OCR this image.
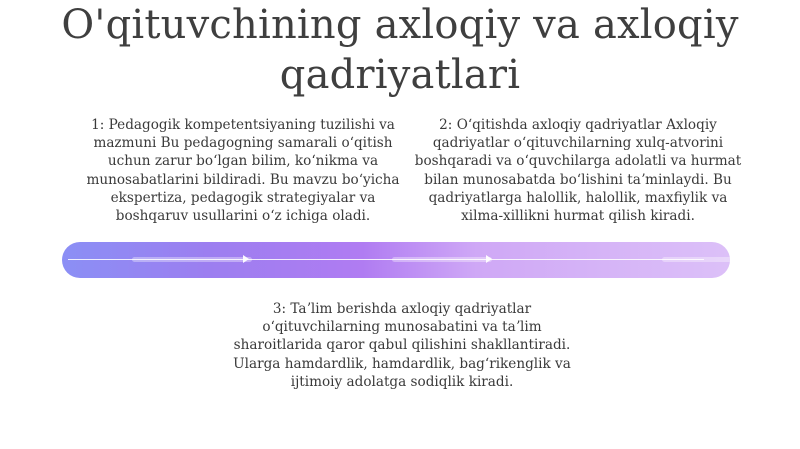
O'qituvchining axloqiy va axloqiy qadriyatlari
1: Pedagogik kompetentsiyaning tuzilishi va mazmuni Bu pedagogning samarali oʻqitish uchun zarur boʻlgan bilim, koʻnikma va munosabatlarini bildiradi. Bu mavzu boʻyicha ekspertiza, pedagogik strategiyalar va boshqaruv usullarini oʻz ichiga oladi.
2: Oʻqitishda axloqiy qadriyatlar Axloqiy qadriyatlar oʻqituvchilarning xulq-atvorini boshqaradi va oʻquvchilarga adolatli va hurmat bilan munosabatda boʻlishini taʼminlaydi. Bu qadriyatlarga halollik, halollik, maxfiylik va xilma-xillikni hurmat qilish kiradi.
3: Taʼlim berishda axloqiy qadriyatlar oʻqituvchilarning munosabatini va taʼlim sharoitlarida qaror qabul qilishini shakllantiradi. Ularga hamdardlik, hamdardlik, bagʻrikenglik va ijtimoiy adolatga sodiqlik kiradi.
